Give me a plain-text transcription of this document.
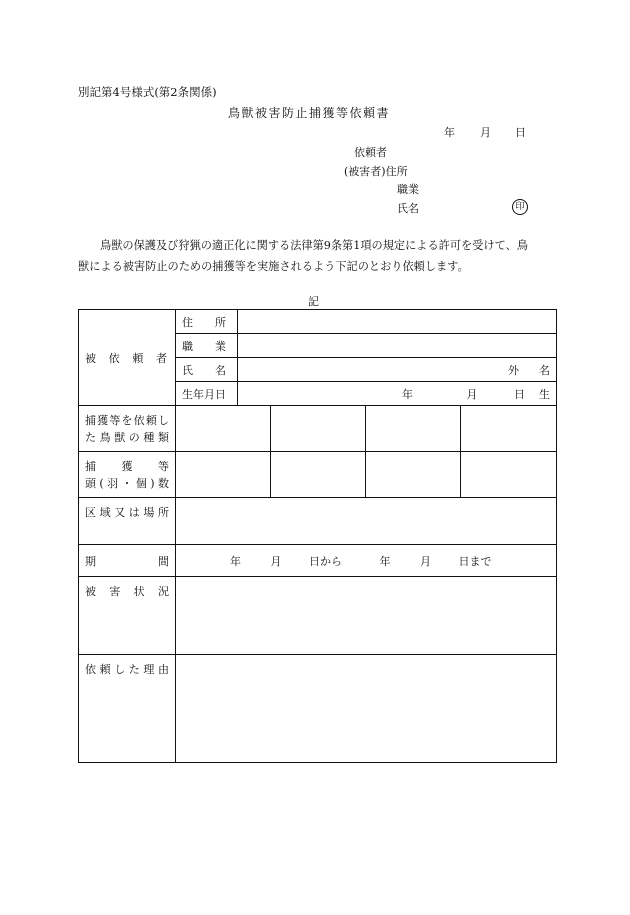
別記第4号様式(第2条関係)
鳥獣被害防止捕獲等依頼書
年 月 日
依頼者
(被害者)住所
職業
氏名	印

鳥獣の保護及び狩猟の適正化に関する法律第9条第1項の規定による許可を受けて、鳥

獣による被害防止のための捕獲等を実施されるよう下記のとおり依頼します。

記
被依頼者	住所				

	職業				

	氏名	外名			

	生年月日	年 月 日生			

捕獲等を依頼し
た鳥獣の種類					

捕獲等
頭(羽・個)数					

区域又は場所					

期間	年 月 日から 年 月 日まで				

被害状況					

依頼した理由					
